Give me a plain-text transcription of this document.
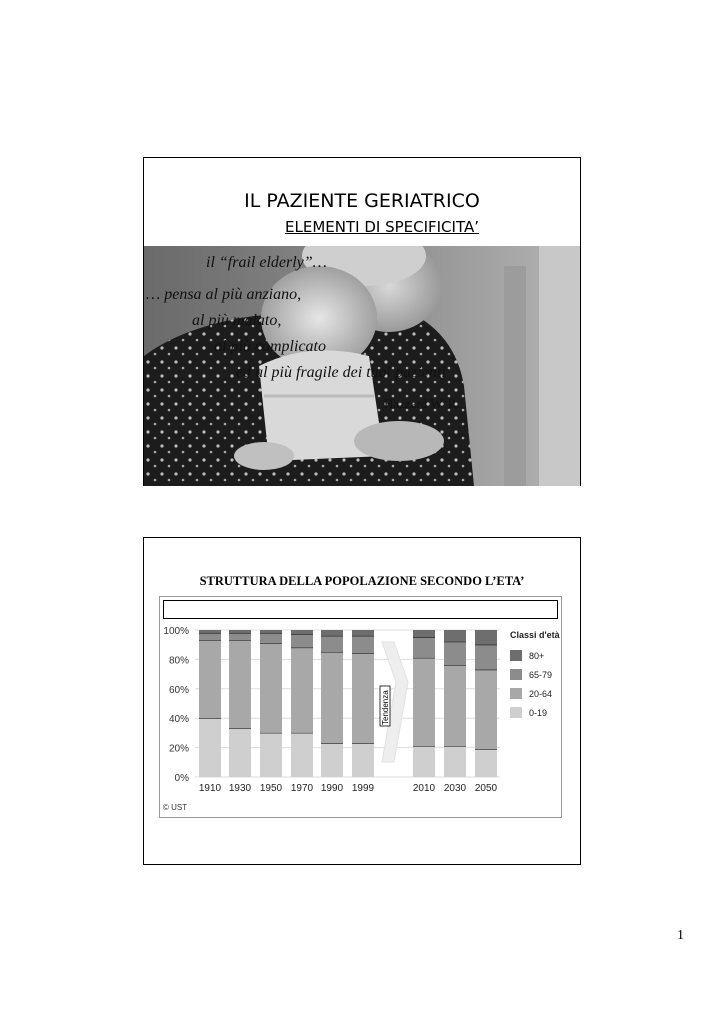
IL PAZIENTE GERIATRICO
ELEMENTI DI SPECIFICITA’
il “frail elderly”…
… pensa al più anziano,
al più malato,
al più complicato
ed al più fragile dei tuoi pazienti
Hazzard W. R.
STRUTTURA DELLA POPOLAZIONE SECONDO L’ETA’
0%
20%
40%
60%
80%
100%
1910 1930 1950 1970 1990 1999	2010 2030 2050
Tendenza
Classi d'età
80+
65-79
20-64
0-19
© UST
1
